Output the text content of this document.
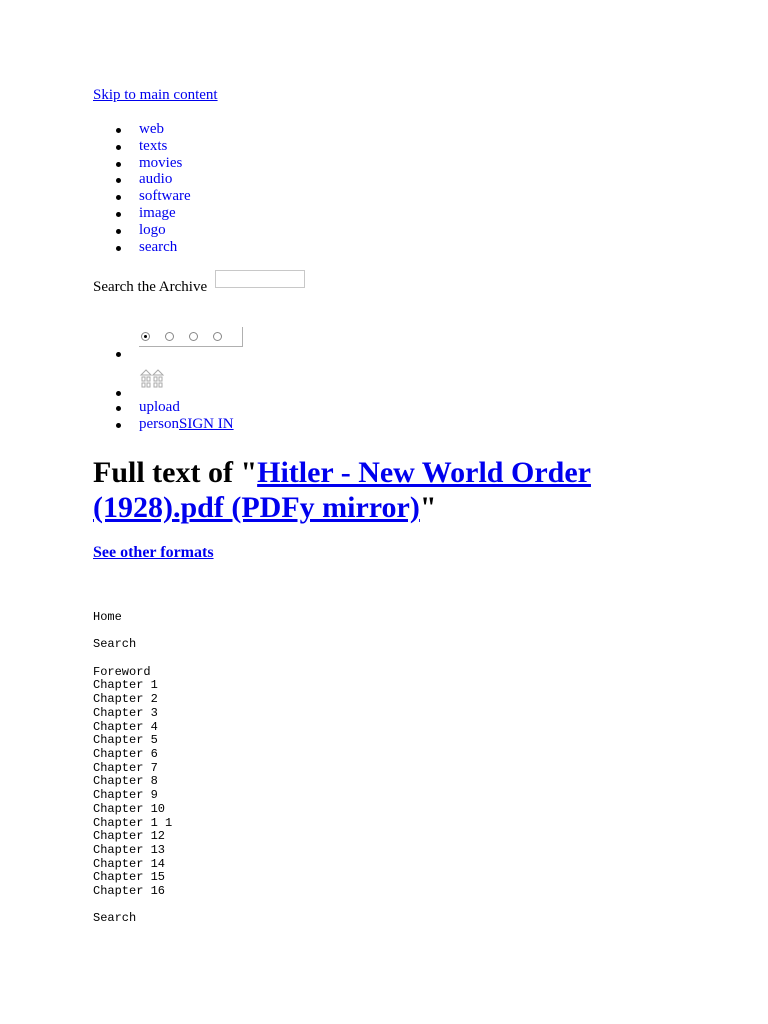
Skip to main content
web
texts
movies
audio
software
image
logo
search
Search the Archive
upload
personSIGN IN
Full text of "Hitler - New World Order (1928).pdf (PDFy mirror)"
See other formats
Home
Search
Foreword
Chapter 1
Chapter 2
Chapter 3
Chapter 4
Chapter 5
Chapter 6
Chapter 7
Chapter 8
Chapter 9
Chapter 10
Chapter 1 1
Chapter 12
Chapter 13
Chapter 14
Chapter 15
Chapter 16
Search
